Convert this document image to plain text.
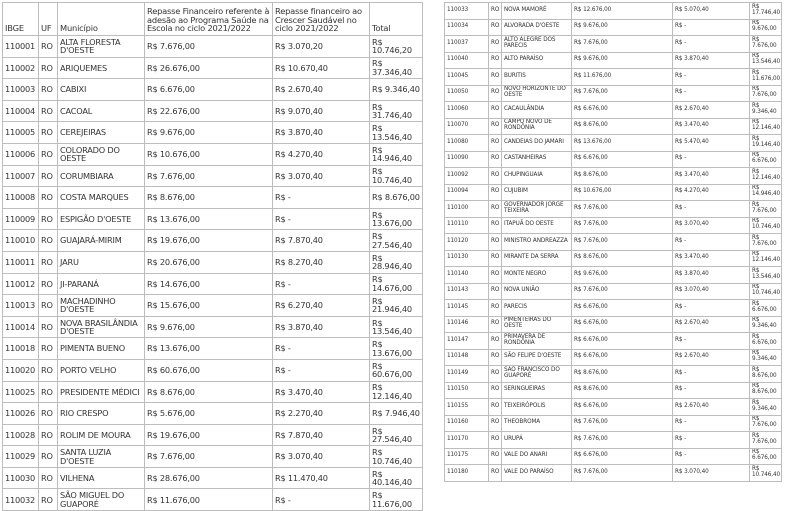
IBGE	UF	Município	Repasse Financeiro referente à adesão ao Programa Saúde na Escola no ciclo 2021/2022	Repasse financeiro ao Crescer Saudável no ciclo 2021/2022	Total
110001	RO	ALTA FLORESTA D'OESTE	R$ 7.676,00	R$ 3.070,20	R$ 10.746,20
110002	RO	ARIQUEMES	R$ 26.676,00	R$ 10.670,40	R$ 37.346,40
110003	RO	CABIXI	R$ 6.676,00	R$ 2.670,40	R$ 9.346,40
110004	RO	CACOAL	R$ 22.676,00	R$ 9.070,40	R$ 31.746,40
110005	RO	CEREJEIRAS	R$ 9.676,00	R$ 3.870,40	R$ 13.546,40
110006	RO	COLORADO DO OESTE	R$ 10.676,00	R$ 4.270,40	R$ 14.946,40
110007	RO	CORUMBIARA	R$ 7.676,00	R$ 3.070,40	R$ 10.746,40
110008	RO	COSTA MARQUES	R$ 8.676,00	R$ -	R$ 8.676,00
110009	RO	ESPIGÃO D'OESTE	R$ 13.676,00	R$ -	R$ 13.676,00
110010	RO	GUAJARÁ-MIRIM	R$ 19.676,00	R$ 7.870,40	R$ 27.546,40
110011	RO	JARU	R$ 20.676,00	R$ 8.270,40	R$ 28.946,40
110012	RO	JI-PARANÁ	R$ 14.676,00	R$ -	R$ 14.676,00
110013	RO	MACHADINHO D'OESTE	R$ 15.676,00	R$ 6.270,40	R$ 21.946,40
110014	RO	NOVA BRASILÂNDIA D'OESTE	R$ 9.676,00	R$ 3.870,40	R$ 13.546,40
110018	RO	PIMENTA BUENO	R$ 13.676,00	R$ -	R$ 13.676,00
110020	RO	PORTO VELHO	R$ 60.676,00	R$ -	R$ 60.676,00
110025	RO	PRESIDENTE MÉDICI	R$ 8.676,00	R$ 3.470,40	R$ 12.146,40
110026	RO	RIO CRESPO	R$ 5.676,00	R$ 2.270,40	R$ 7.946,40
110028	RO	ROLIM DE MOURA	R$ 19.676,00	R$ 7.870,40	R$ 27.546,40
110029	RO	SANTA LUZIA D'OESTE	R$ 7.676,00	R$ 3.070,40	R$ 10.746,40
110030	RO	VILHENA	R$ 28.676,00	R$ 11.470,40	R$ 40.146,40
110032	RO	SÃO MIGUEL DO GUAPORÉ	R$ 11.676,00	R$ -	R$ 11.676,00
110033	RO	NOVA MAMORÉ	R$ 12.676,00	R$ 5.070,40	R$ 17.746,40
110034	RO	ALVORADA D'OESTE	R$ 9.676,00	R$ -	R$ 9.676,00
110037	RO	ALTO ALEGRE DOS PARECIS	R$ 7.676,00	R$ -	R$ 7.676,00
110040	RO	ALTO PARAÍSO	R$ 9.676,00	R$ 3.870,40	R$ 13.546,40
110045	RO	BURITIS	R$ 11.676,00	R$ -	R$ 11.676,00
110050	RO	NOVO HORIZONTE DO OESTE	R$ 7.676,00	R$ -	R$ 7.676,00
110060	RO	CACAULÂNDIA	R$ 6.676,00	R$ 2.670,40	R$ 9.346,40
110070	RO	CAMPO NOVO DE RONDÔNIA	R$ 8.676,00	R$ 3.470,40	R$ 12.146,40
110080	RO	CANDEIAS DO JAMARI	R$ 13.676,00	R$ 5.470,40	R$ 19.146,40
110090	RO	CASTANHEIRAS	R$ 6.676,00	R$ -	R$ 6.676,00
110092	RO	CHUPINGUAIA	R$ 8.676,00	R$ 3.470,40	R$ 12.146,40
110094	RO	CUJUBIM	R$ 10.676,00	R$ 4.270,40	R$ 14.946,40
110100	RO	GOVERNADOR JORGE TEIXEIRA	R$ 7.676,00	R$ -	R$ 7.676,00
110110	RO	ITAPUÃ DO OESTE	R$ 7.676,00	R$ 3.070,40	R$ 10.746,40
110120	RO	MINISTRO ANDREAZZA	R$ 7.676,00	R$ -	R$ 7.676,00
110130	RO	MIRANTE DA SERRA	R$ 8.676,00	R$ 3.470,40	R$ 12.146,40
110140	RO	MONTE NEGRO	R$ 9.676,00	R$ 3.870,40	R$ 13.546,40
110143	RO	NOVA UNIÃO	R$ 7.676,00	R$ 3.070,40	R$ 10.746,40
110145	RO	PARECIS	R$ 6.676,00	R$ -	R$ 6.676,00
110146	RO	PIMENTEIRAS DO OESTE	R$ 6.676,00	R$ 2.670,40	R$ 9.346,40
110147	RO	PRIMAVERA DE RONDÔNIA	R$ 6.676,00	R$ -	R$ 6.676,00
110148	RO	SÃO FELIPE D'OESTE	R$ 6.676,00	R$ 2.670,40	R$ 9.346,40
110149	RO	SÃO FRANCISCO DO GUAPORÉ	R$ 8.676,00	R$ -	R$ 8.676,00
110150	RO	SERINGUEIRAS	R$ 8.676,00	R$ -	R$ 8.676,00
110155	RO	TEIXEIRÓPOLIS	R$ 6.676,00	R$ 2.670,40	R$ 9.346,40
110160	RO	THEOBROMA	R$ 7.676,00	R$ -	R$ 7.676,00
110170	RO	URUPÁ	R$ 7.676,00	R$ -	R$ 7.676,00
110175	RO	VALE DO ANARI	R$ 6.676,00	R$ -	R$ 6.676,00
110180	RO	VALE DO PARAÍSO	R$ 7.676,00	R$ 3.070,40	R$ 10.746,40
